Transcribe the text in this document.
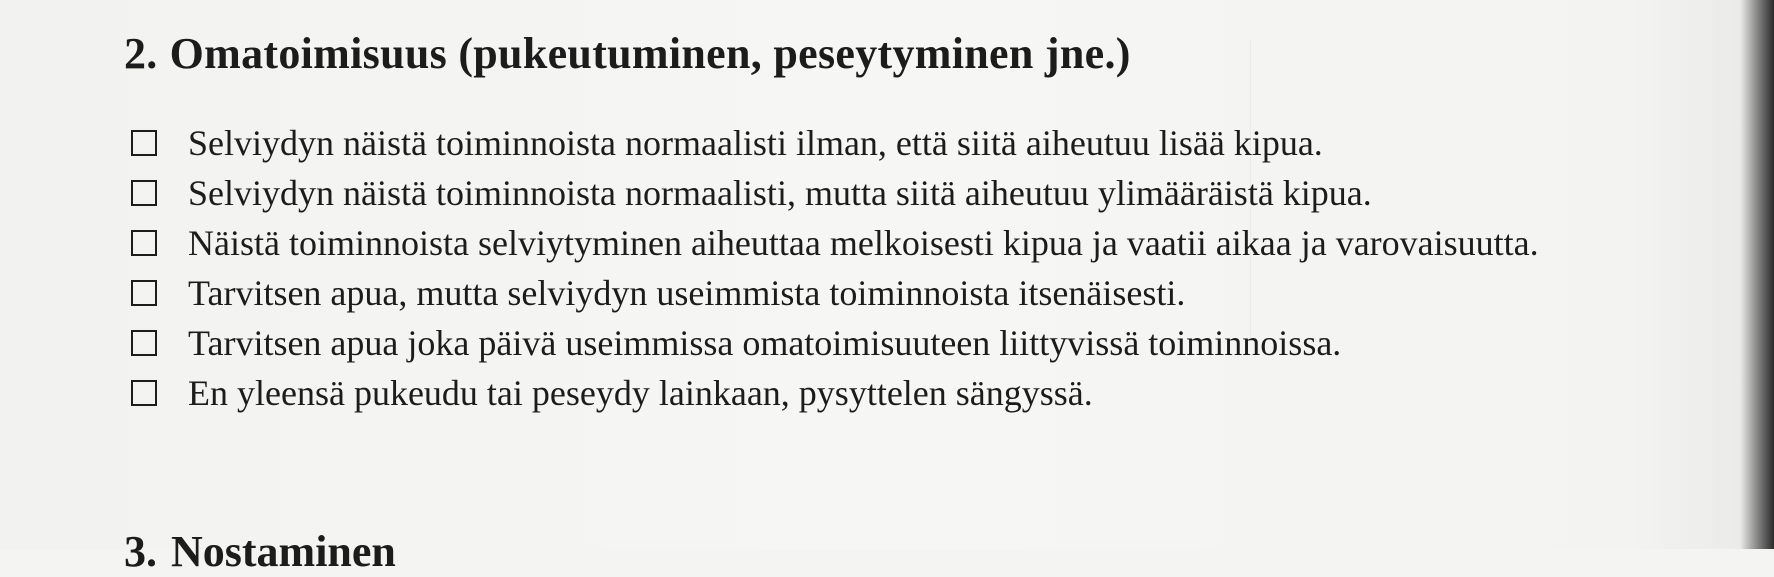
2. Omatoimisuus (pukeutuminen, peseytyminen jne.)
Selviydyn näistä toiminnoista normaalisti ilman, että siitä aiheutuu lisää kipua.
Selviydyn näistä toiminnoista normaalisti, mutta siitä aiheutuu ylimääräistä kipua.
Näistä toiminnoista selviytyminen aiheuttaa melkoisesti kipua ja vaatii aikaa ja varovaisuutta.
Tarvitsen apua, mutta selviydyn useimmista toiminnoista itsenäisesti.
Tarvitsen apua joka päivä useimmissa omatoimisuuteen liittyvissä toiminnoissa.
En yleensä pukeudu tai peseydy lainkaan, pysyttelen sängyssä.
3. Nostaminen
